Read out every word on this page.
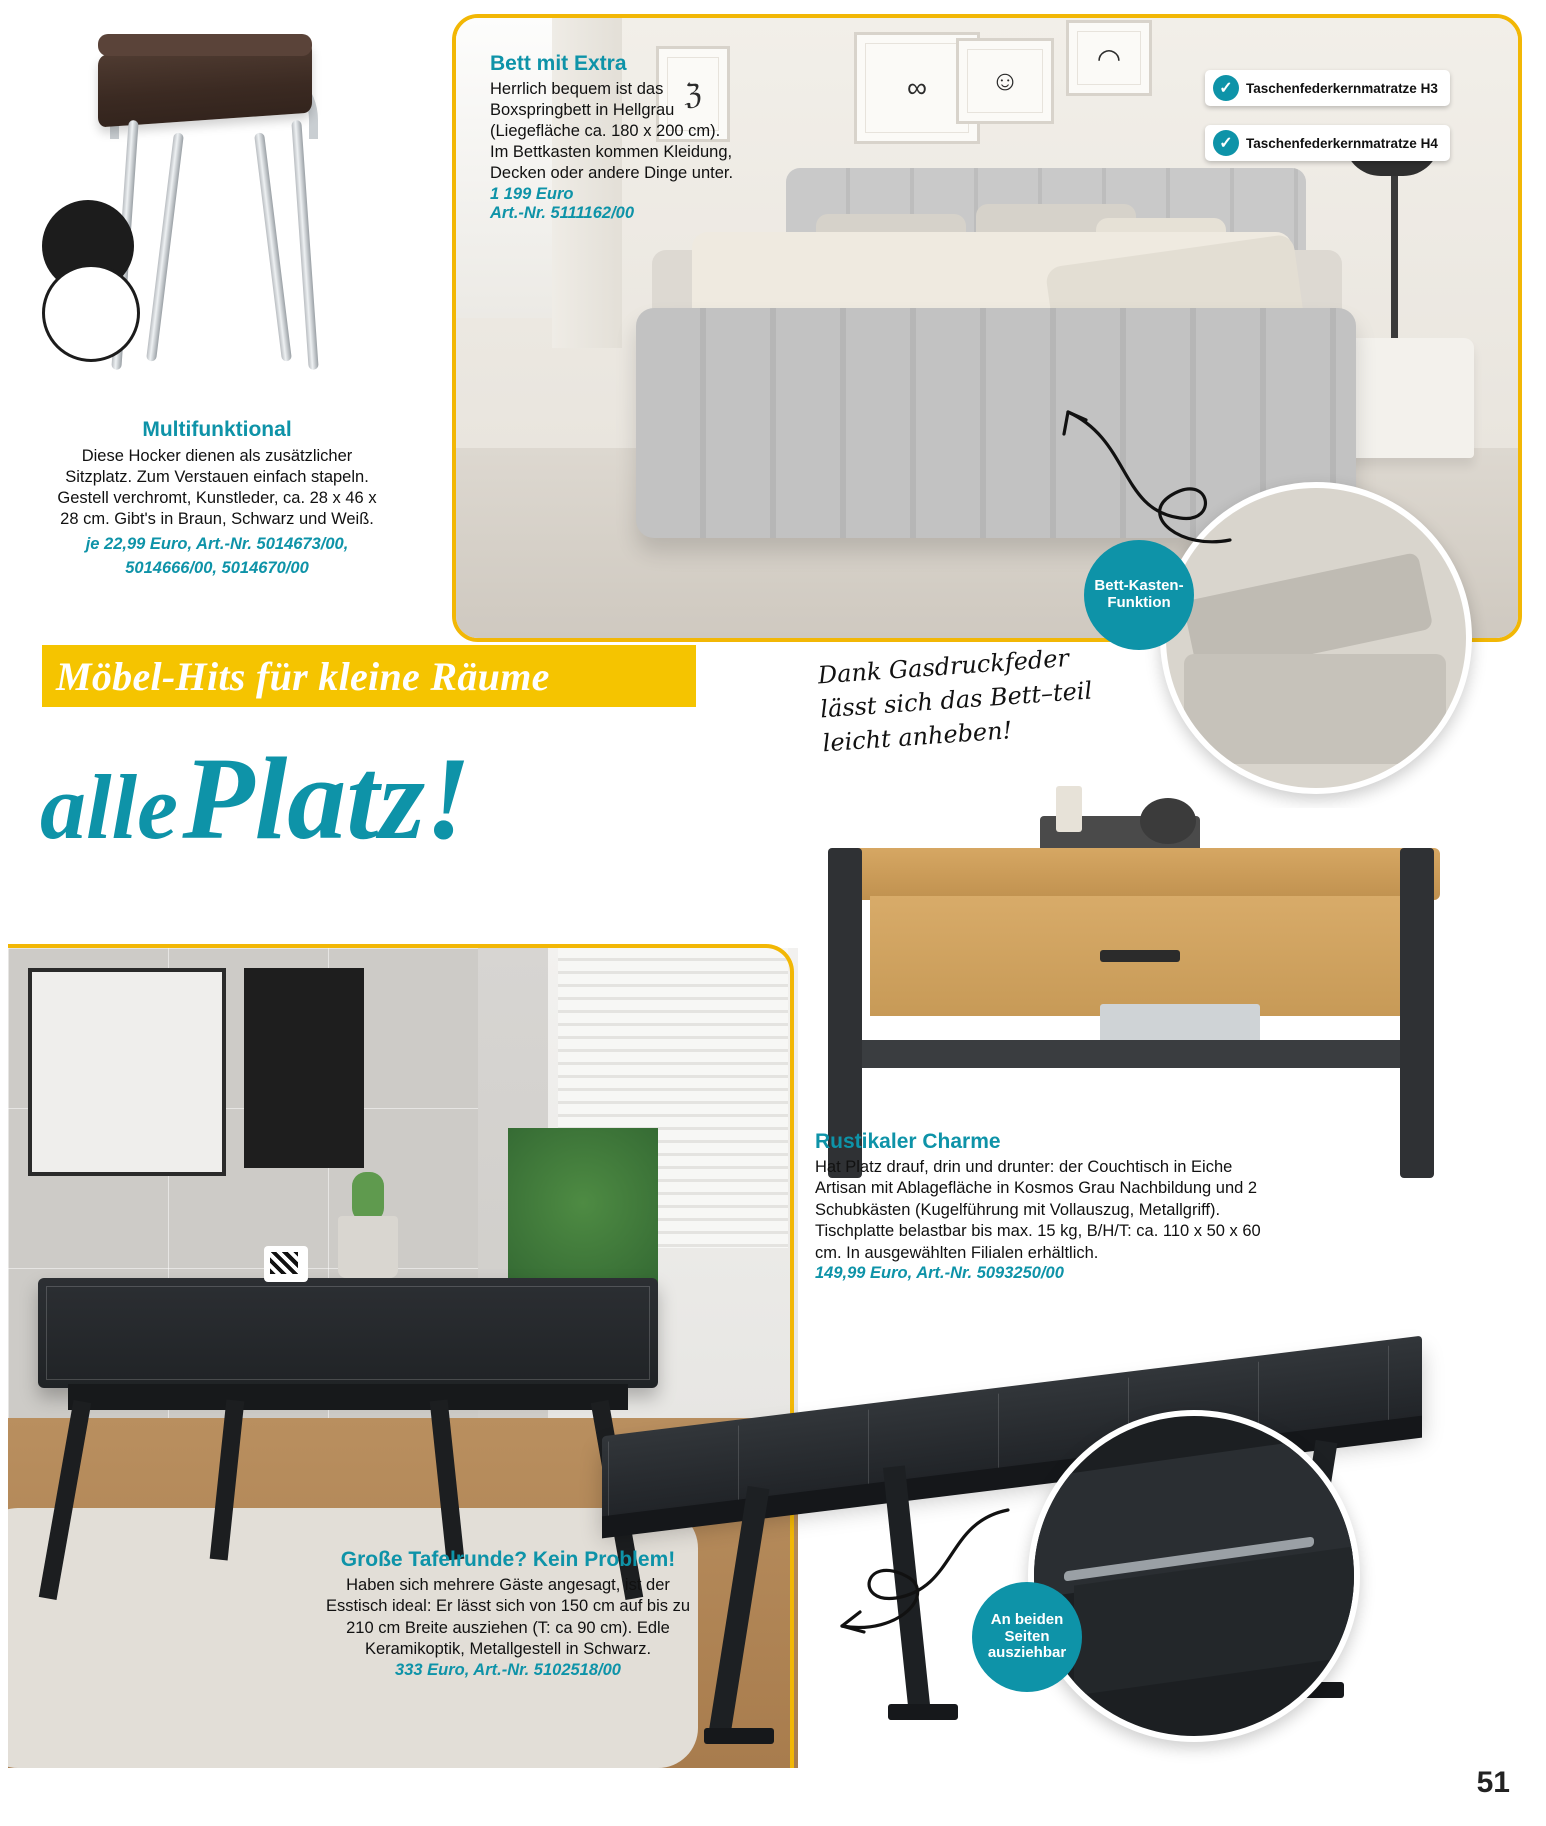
Multifunktional

Diese Hocker dienen als zusätzlicher Sitzplatz. Zum Verstauen einfach stapeln. Gestell verchromt, Kunstleder, ca. 28 x 46 x 28 cm. Gibt's in Braun, Schwarz und Weiß.

je 22,99 Euro, Art.-Nr. 5014673/00,
5014666/00, 5014670/00
ℨ	∞	☺
◠
Bett mit Extra

Herrlich bequem ist das Boxspringbett in Hellgrau (Liegefläche ca. 180 x 200 cm). Im Bettkasten kommen Kleidung, Decken oder andere Dinge unter.

1 199 Euro
Art.-Nr. 5111162/00
✓ Taschenfederkernmatratze H3
✓ Taschenfederkernmatratze H4
Bett-Kasten-Funktion
Möbel-Hits für kleine Räume
alle Platz!
Dank Gasdruckfeder lässt sich das Bett–teil leicht anheben!
Rustikaler Charme

Hat Platz drauf, drin und drunter: der Couchtisch in Eiche Artisan mit Ablagefläche in Kosmos Grau Nachbildung und 2 Schubkästen (Kugelführung mit Vollauszug, Metallgriff). Tischplatte belastbar bis max. 15 kg, B/H/T: ca. 110 x 50 x 60 cm. In ausgewählten Filialen erhältlich.

149,99 Euro, Art.-Nr. 5093250/00
An beiden Seiten ausziehbar
Große Tafelrunde? Kein Problem!

Haben sich mehrere Gäste angesagt, ist der Esstisch ideal: Er lässt sich von 150 cm auf bis zu 210 cm Breite ausziehen (T: ca 90 cm). Edle Keramikoptik, Metallgestell in Schwarz.

333 Euro, Art.-Nr. 5102518/00
51
